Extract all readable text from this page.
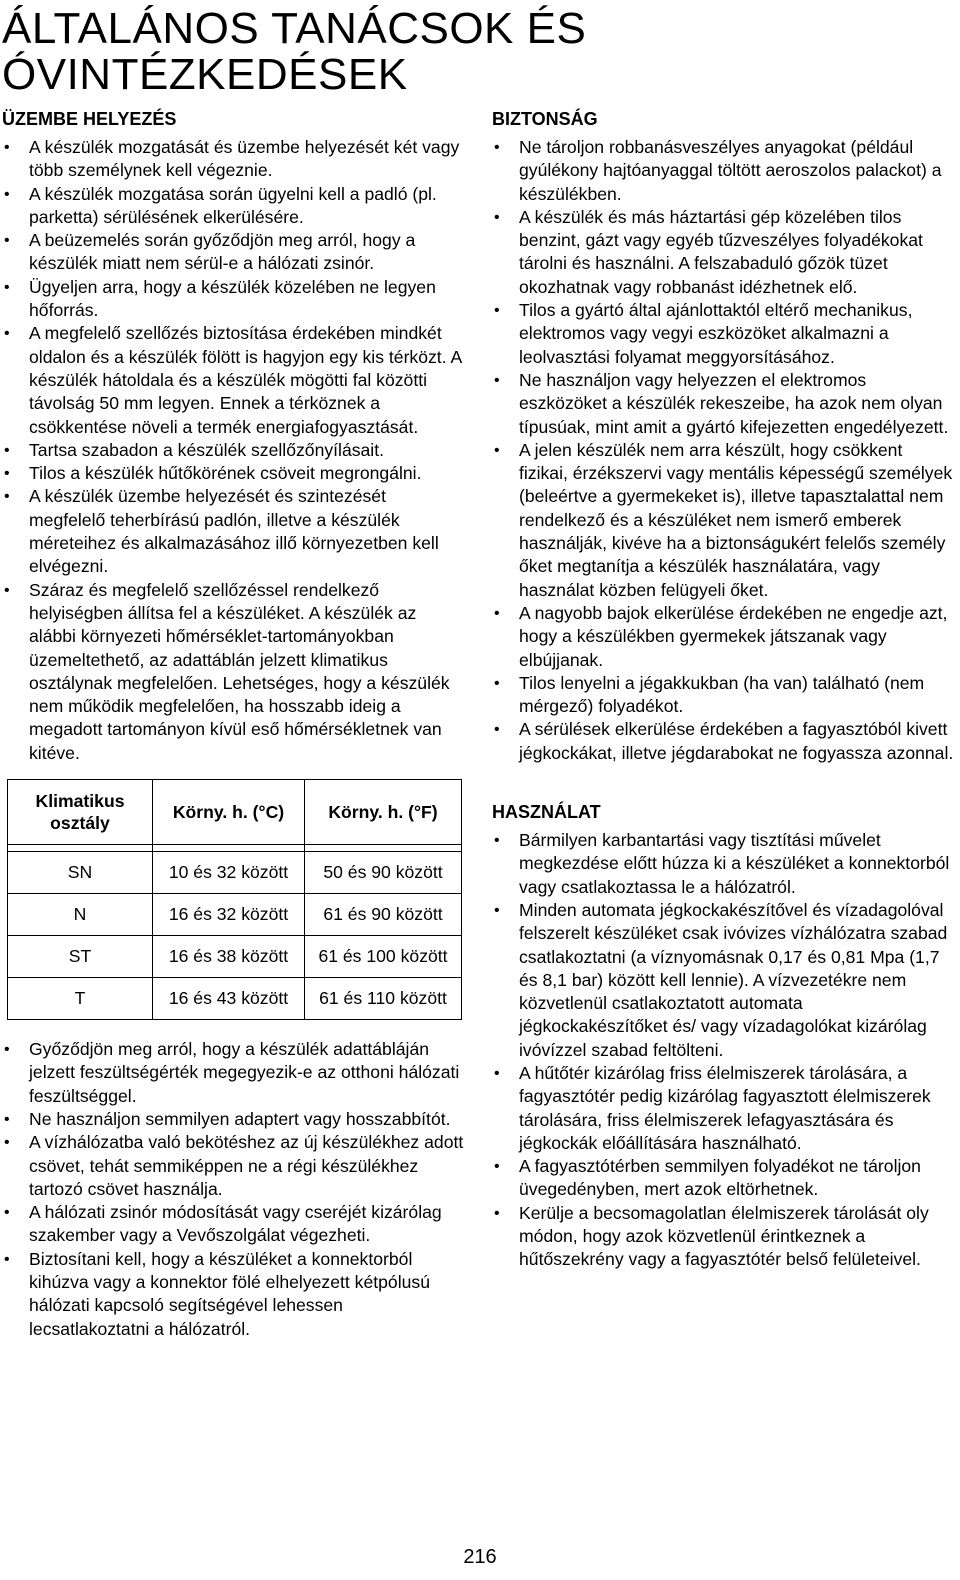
ÁLTALÁNOS TANÁCSOK ÉS
ÓVINTÉZKEDÉSEK
ÜZEMBE HELYEZÉS
• A készülék mozgatását és üzembe helyezését két vagy több személynek kell végeznie.
• A készülék mozgatása során ügyelni kell a padló (pl. parketta) sérülésének elkerülésére.
• A beüzemelés során győződjön meg arról, hogy a készülék miatt nem sérül-e a hálózati zsinór.
• Ügyeljen arra, hogy a készülék közelében ne legyen hőforrás.
• A megfelelő szellőzés biztosítása érdekében mindkét oldalon és a készülék fölött is hagyjon egy kis térközt. A készülék hátoldala és a készülék mögötti fal közötti távolság 50 mm legyen. Ennek a térköznek a csökkentése növeli a termék energiafogyasztását.
• Tartsa szabadon a készülék szellőzőnyílásait.
• Tilos a készülék hűtőkörének csöveit megrongálni.
• A készülék üzembe helyezését és szintezését megfelelő teherbírású padlón, illetve a készülék méreteihez és alkalmazásához illő környezetben kell elvégezni.
• Száraz és megfelelő szellőzéssel rendelkező helyiségben állítsa fel a készüléket. A készülék az alábbi környezeti hőmérséklet-tartományokban üzemeltethető, az adattáblán jelzett klimatikus osztálynak megfelelően. Lehetséges, hogy a készülék nem működik megfelelően, ha hosszabb ideig a megadott tartományon kívül eső hőmérsékletnek van kitéve.
Klimatikus osztály	Körny. h. (°C)	Körny. h. (°F)

SN	10 és 32 között	50 és 90 között
N	16 és 32 között	61 és 90 között
ST	16 és 38 között	61 és 100 között
T	16 és 43 között	61 és 110 között
• Győződjön meg arról, hogy a készülék adattábláján jelzett feszültségérték megegyezik-e az otthoni hálózati feszültséggel.
• Ne használjon semmilyen adaptert vagy hosszabbítót.
• A vízhálózatba való bekötéshez az új készülékhez adott csövet, tehát semmiképpen ne a régi készülékhez tartozó csövet használja.
• A hálózati zsinór módosítását vagy cseréjét kizárólag szakember vagy a Vevőszolgálat végezheti.
• Biztosítani kell, hogy a készüléket a konnektorból kihúzva vagy a konnektor fölé elhelyezett kétpólusú hálózati kapcsoló segítségével lehessen lecsatlakoztatni a hálózatról.
BIZTONSÁG
• Ne tároljon robbanásveszélyes anyagokat (például gyúlékony hajtóanyaggal töltött aeroszolos palackot) a készülékben.
• A készülék és más háztartási gép közelében tilos benzint, gázt vagy egyéb tűzveszélyes folyadékokat tárolni és használni. A felszabaduló gőzök tüzet okozhatnak vagy robbanást idézhetnek elő.
• Tilos a gyártó által ajánlottaktól eltérő mechanikus, elektromos vagy vegyi eszközöket alkalmazni a leolvasztási folyamat meggyorsításához.
• Ne használjon vagy helyezzen el elektromos eszközöket a készülék rekeszeibe, ha azok nem olyan típusúak, mint amit a gyártó kifejezetten engedélyezett.
• A jelen készülék nem arra készült, hogy csökkent fizikai, érzékszervi vagy mentális képességű személyek (beleértve a gyermekeket is), illetve tapasztalattal nem rendelkező és a készüléket nem ismerő emberek használják, kivéve ha a biztonságukért felelős személy őket megtanítja a készülék használatára, vagy használat közben felügyeli őket.
• A nagyobb bajok elkerülése érdekében ne engedje azt, hogy a készülékben gyermekek játszanak vagy elbújjanak.
• Tilos lenyelni a jégakkukban (ha van) található (nem mérgező) folyadékot.
• A sérülések elkerülése érdekében a fagyasztóból kivett jégkockákat, illetve jégdarabokat ne fogyassza azonnal.
HASZNÁLAT
• Bármilyen karbantartási vagy tisztítási művelet megkezdése előtt húzza ki a készüléket a konnektorból vagy csatlakoztassa le a hálózatról.
• Minden automata jégkockakészítővel és vízadagolóval felszerelt készüléket csak ivóvizes vízhálózatra szabad csatlakoztatni (a víznyomásnak 0,17 és 0,81 Mpa (1,7 és 8,1 bar) között kell lennie). A vízvezetékre nem közvetlenül csatlakoztatott automata jégkockakészítőket és/ vagy vízadagolókat kizárólag ivóvízzel szabad feltölteni.
• A hűtőtér kizárólag friss élelmiszerek tárolására, a fagyasztótér pedig kizárólag fagyasztott élelmiszerek tárolására, friss élelmiszerek lefagyasztására és jégkockák előállítására használható.
• A fagyasztótérben semmilyen folyadékot ne tároljon üvegedényben, mert azok eltörhetnek.
• Kerülje a becsomagolatlan élelmiszerek tárolását oly módon, hogy azok közvetlenül érintkeznek a hűtőszekrény vagy a fagyasztótér belső felületeivel.
216
